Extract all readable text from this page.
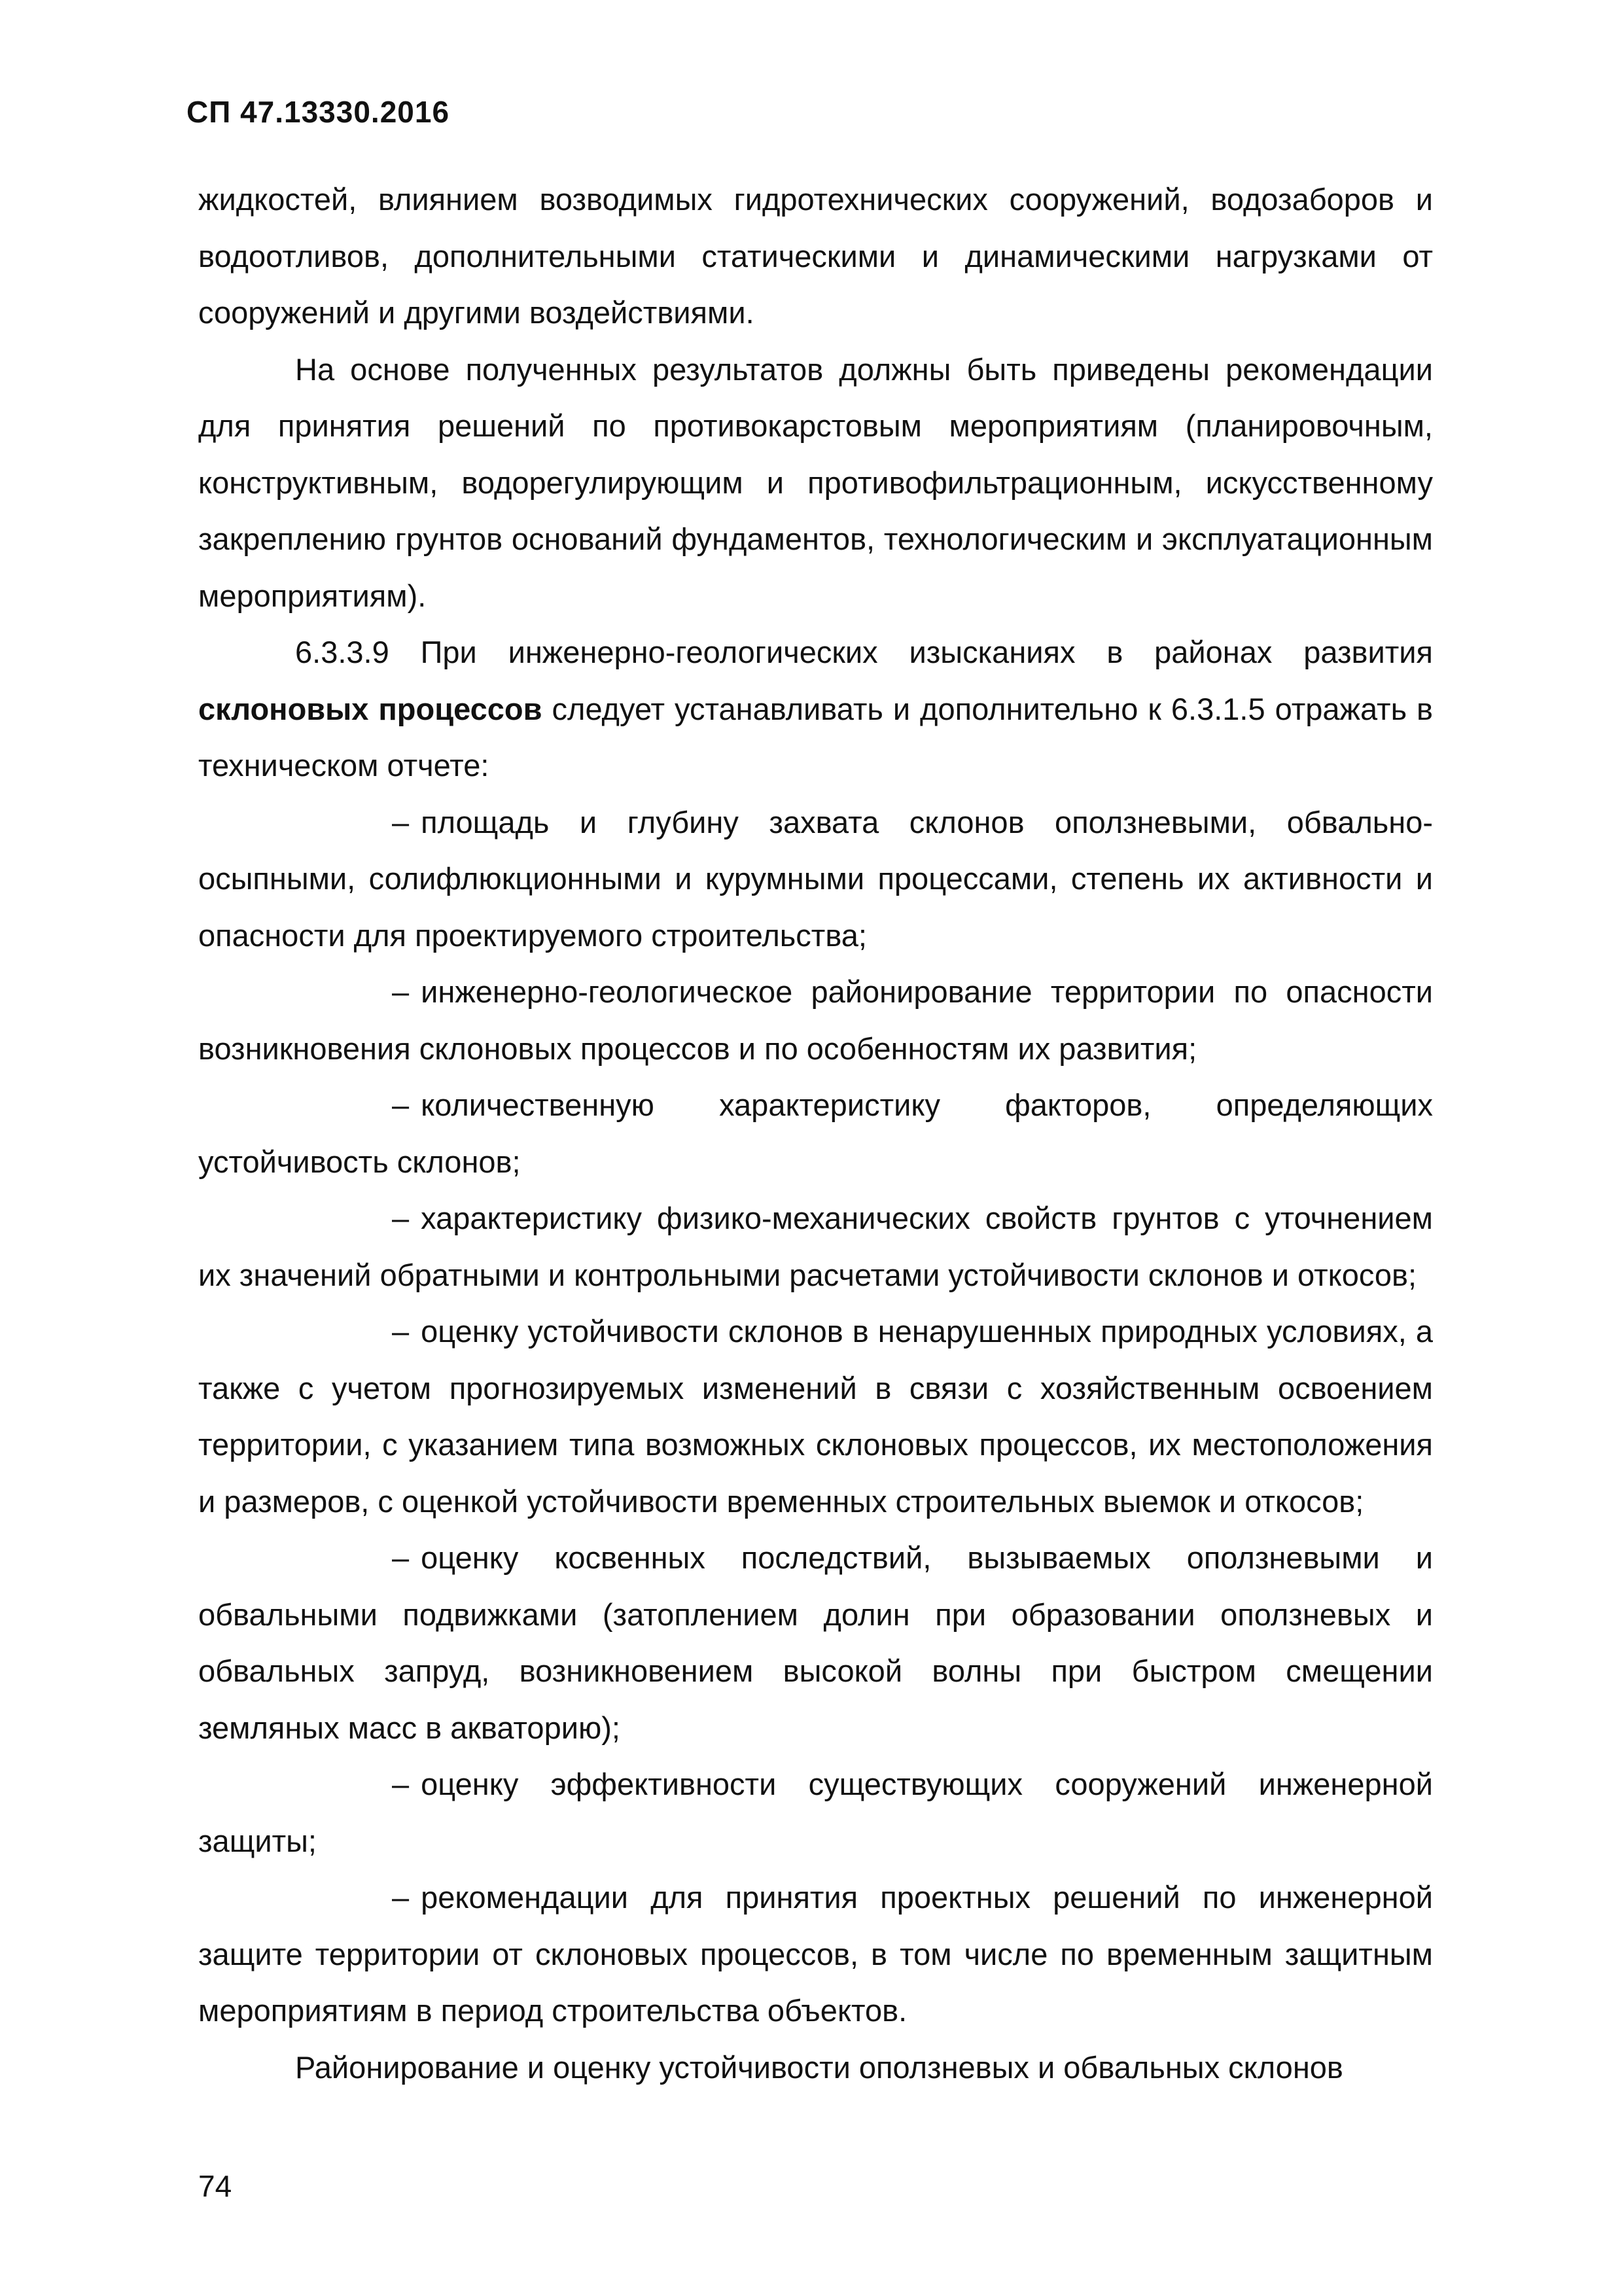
СП 47.13330.2016

жидкостей, влиянием возводимых гидротехнических сооружений, водозаборов и водоотливов, дополнительными статическими и динамическими нагрузками от сооружений и другими воздействиями.

На основе полученных результатов должны быть приведены рекомендации для принятия решений по противокарстовым мероприятиям (планировочным, конструктивным, водорегулирующим и противофильтрационным, искусственному закреплению грунтов оснований фундаментов, технологическим и эксплуатационным мероприятиям).

6.3.3.9 При инженерно-геологических изысканиях в районах развития склоновых процессов следует устанавливать и дополнительно к 6.3.1.5 отражать в техническом отчете:

– площадь и глубину захвата склонов оползневыми, обвально-осыпными, солифлюкционными и курумными процессами, степень их активности и опасности для проектируемого строительства;

– инженерно-геологическое районирование территории по опасности возникновения склоновых процессов и по особенностям их развития;

– количественную характеристику факторов, определяющих устойчивость склонов;

– характеристику физико-механических свойств грунтов с уточнением их значений обратными и контрольными расчетами устойчивости склонов и откосов;

– оценку устойчивости склонов в ненарушенных природных условиях, а также с учетом прогнозируемых изменений в связи с хозяйственным освоением территории, с указанием типа возможных склоновых процессов, их местоположения и размеров, с оценкой устойчивости временных строительных выемок и откосов;

– оценку косвенных последствий, вызываемых оползневыми и обвальными подвижками (затоплением долин при образовании оползневых и обвальных запруд, возникновением высокой волны при быстром смещении земляных масс в акваторию);

– оценку эффективности существующих сооружений инженерной защиты;

– рекомендации для принятия проектных решений по инженерной защите территории от склоновых процессов, в том числе по временным защитным мероприятиям в период строительства объектов.

Районирование и оценку устойчивости оползневых и обвальных склонов

74
